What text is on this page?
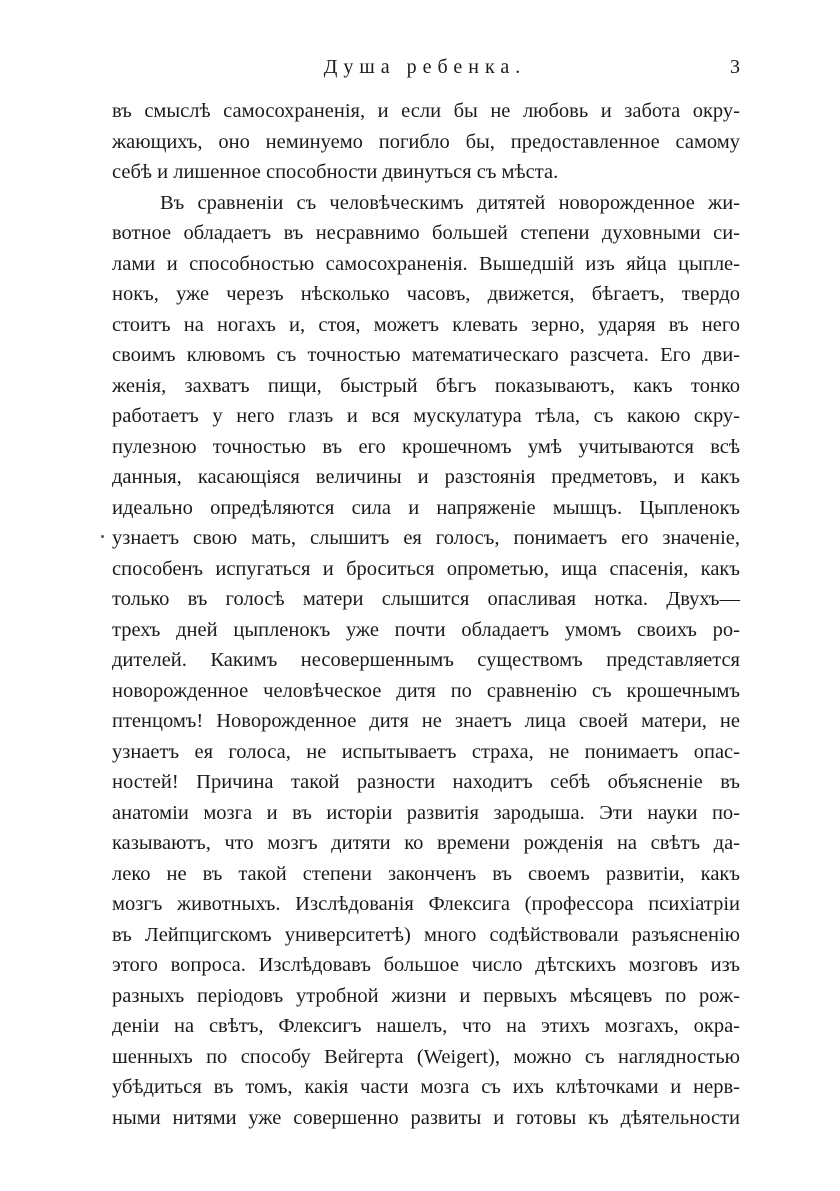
Душа ребенка.	3
въ смыслѣ самосохраненія, и если бы не любовь и забота окру-
жающихъ, оно неминуемо погибло бы, предоставленное самому
себѣ и лишенное способности двинуться съ мѣста.
Въ сравненіи съ человѣческимъ дитятей новорожденное жи-
вотное обладаетъ въ несравнимо большей степени духовными си-
лами и способностью самосохраненія. Вышедшій изъ яйца цыпле-
нокъ, уже черезъ нѣсколько часовъ, движется, бѣгаетъ, твердо
стоитъ на ногахъ и, стоя, можетъ клевать зерно, ударяя въ него
своимъ клювомъ съ точностью математическаго разсчета. Его дви-
женія, захватъ пищи, быстрый бѣгъ показываютъ, какъ тонко
работаетъ у него глазъ и вся мускулатура тѣла, съ какою скру-
пулезною точностью въ его крошечномъ умѣ учитываются всѣ
данныя, касающіяся величины и разстоянія предметовъ, и какъ
идеально опредѣляются сила и напряженіе мышцъ. Цыпленокъ
узнаетъ свою мать, слышитъ ея голосъ, понимаетъ его значеніе,
способенъ испугаться и броситься опрометью, ища спасенія, какъ
только въ голосѣ матери слышится опасливая нотка. Двухъ—
трехъ дней цыпленокъ уже почти обладаетъ умомъ своихъ ро-
дителей. Какимъ несовершеннымъ существомъ представляется
новорожденное человѣческое дитя по сравненію съ крошечнымъ
птенцомъ! Новорожденное дитя не знаетъ лица своей матери, не
узнаетъ ея голоса, не испытываетъ страха, не понимаетъ опас-
ностей! Причина такой разности находитъ себѣ объясненіе въ
анатоміи мозга и въ исторіи развитія зародыша. Эти науки по-
казываютъ, что мозгъ дитяти ко времени рожденія на свѣтъ да-
леко не въ такой степени законченъ въ своемъ развитіи, какъ
мозгъ животныхъ. Изслѣдованія Флексига (профессора психіатріи
въ Лейпцигскомъ университетѣ) много содѣйствовали разъясненію
этого вопроса. Изслѣдовавъ большое число дѣтскихъ мозговъ изъ
разныхъ періодовъ утробной жизни и первыхъ мѣсяцевъ по рож-
деніи на свѣтъ, Флексигъ нашелъ, что на этихъ мозгахъ, окра-
шенныхъ по способу Вейгерта (Weigert), можно съ наглядностью
убѣдиться въ томъ, какія части мозга съ ихъ клѣточками и нерв-
ными нитями уже совершенно развиты и готовы къ дѣятельности
